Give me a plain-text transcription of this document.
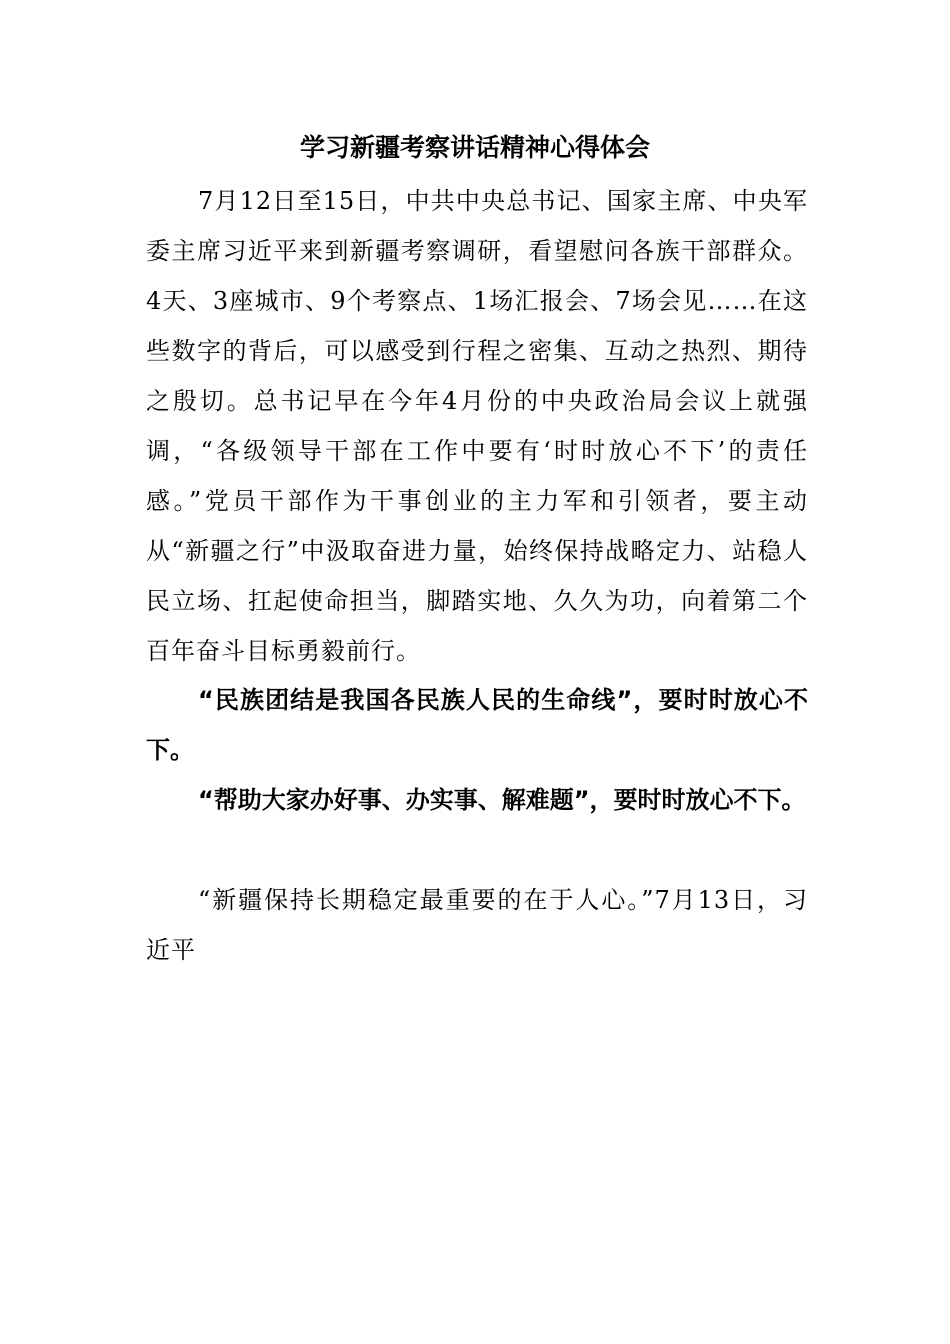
学习新疆考察讲话精神心得体会

7月12日至15日，中共中央总书记、国家主席、中央军委主席习近平来到新疆考察调研，看望慰问各族干部群众。4天、3座城市、9个考察点、1场汇报会、7场会见……在这些数字的背后，可以感受到行程之密集、互动之热烈、期待之殷切。总书记早在今年4月份的中央政治局会议上就强调，“各级领导干部在工作中要有‘时时放心不下’的责任感。”党员干部作为干事创业的主力军和引领者，要主动从“新疆之行”中汲取奋进力量，始终保持战略定力、站稳人民立场、扛起使命担当，脚踏实地、久久为功，向着第二个百年奋斗目标勇毅前行。

“民族团结是我国各民族人民的生命线”，要时时放心不下。

“帮助大家办好事、办实事、解难题”，要时时放心不下。

“新疆保持长期稳定最重要的在于人心。”7月13日，习近平
